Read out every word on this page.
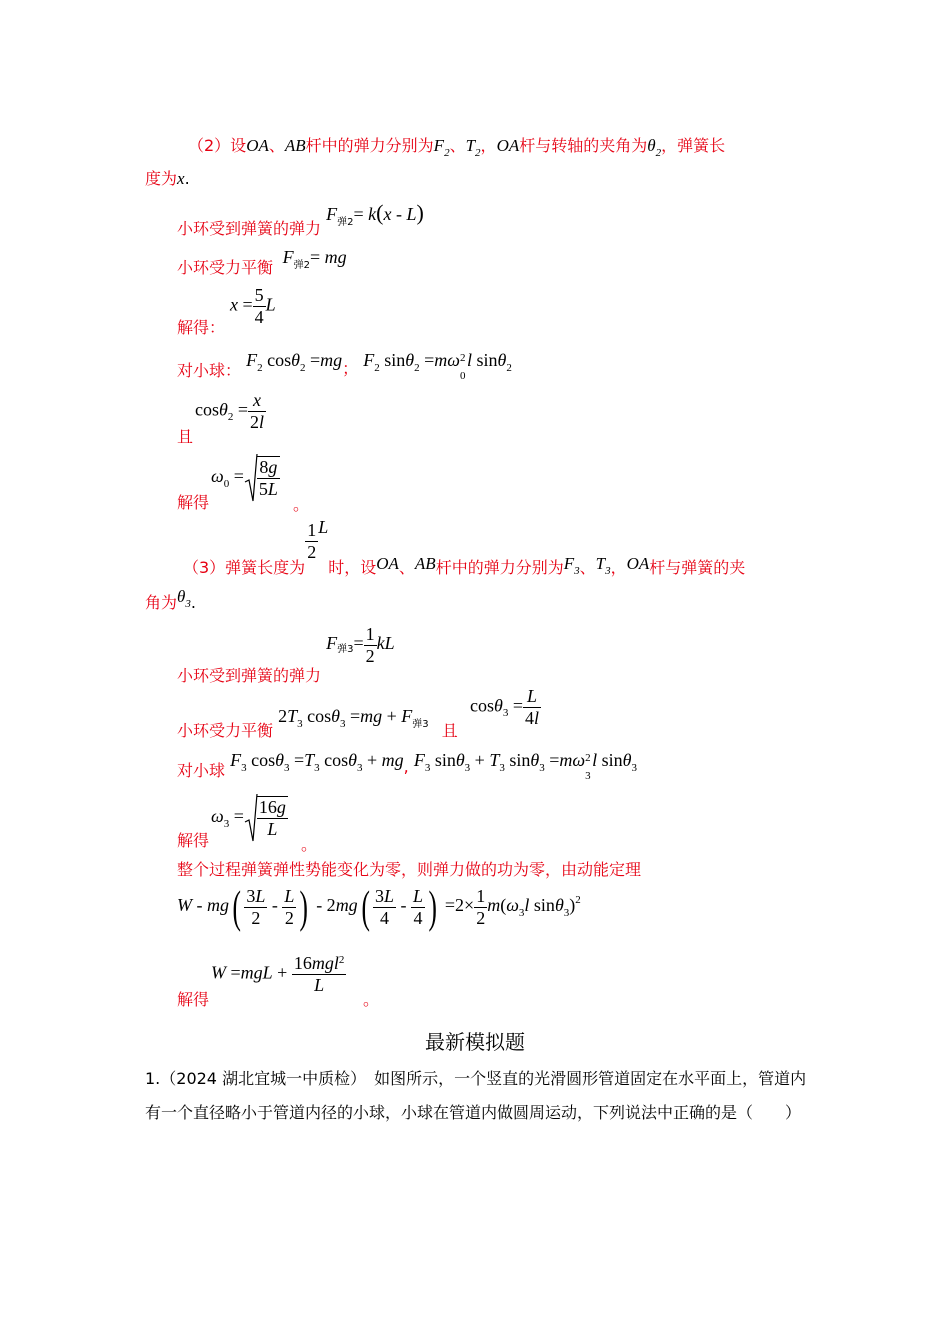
（2）设OA、AB杆中的弹力分别为$F_2$、$T_2$，OA杆与转轴的夹角为$\theta_2$，弹簧长
度为x.
小环受到弹簧的弹力 $F_{弹2}= k(x - L)$
小环受力平衡  $F_{弹2}=$ mg
解得：
$x = \frac{5}{4}$ L
对小球： $F_2$ cosθ$_2$ =mg； $F_2$ sinθ$_2$ =mω 2
0
l sinθ$_2$
且
$\cos\theta_2 = \frac{x}{2l}$
解得
$\omega_0 = \frac{8g}{5L}$
。
（3）弹簧长度为
$\frac{1}{2}$ L时，设OA、AB杆中的弹力分别为$F_3$、$T_3$，OA杆与弹簧的夹
角为$\theta_3$.
小环受到弹簧的弹力 F弹$3= \frac{1}{2}$ kL
小环受力平衡 $2T_3$ $\cos\theta_3 =mg + F_{弹3}$ 且
$\cos\theta_3 = \frac{L}{4l}$
对小球 $F_3$ $\cos\theta_3 =T_3$ cosθ$_3$ + mg, $F_3$ $\sin\theta_3 + T_3$ sinθ$_3$ =mω 2
3
l sinθ$_3$
解得
$\omega_3 = \frac{16g}{L}$
。
整个过程弹簧弹性势能变化为零，则弹力做的功为零，由动能定理
W - $mg( \frac{3L}{2} - \frac{L}{2}$ ) - $2mg( \frac{3L}{4} - \frac{L}{4}$ ) $=2\times \frac{1}{2} m(\omega_3l$ sinθ$_3$)$^2$
解得
$W =mgL + \frac{16mgl^2}{L}$
。
最新模拟题
1.（2024 湖北宜城一中质检）　如图所示，一个竖直的光滑圆形管道固定在水平面上，管道内有一个直径略小于管道内径的小球，小球在管道内做圆周运动，下列说法中正确的是（　　）
